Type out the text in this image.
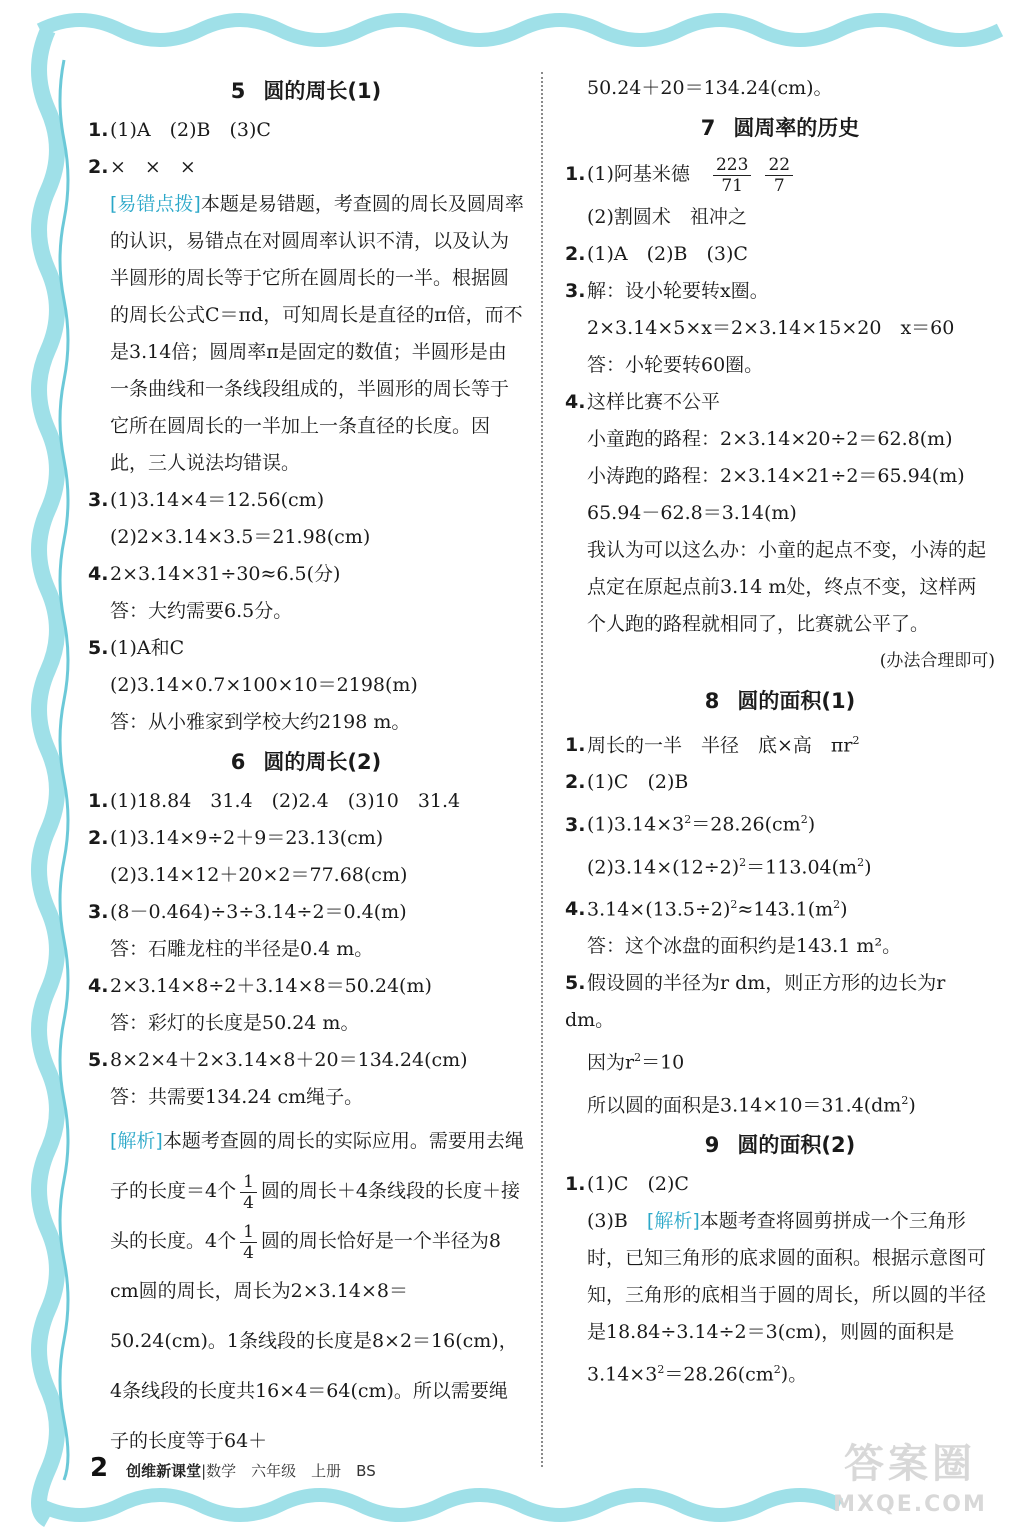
5 圆的周长(1)
1.(1)A　(2)B　(3)C
2.×　×　×
[易错点拨]本题是易错题，考查圆的周长及圆周率的认识，易错点在对圆周率认识不清，以及认为半圆形的周长等于它所在圆周长的一半。根据圆的周长公式C＝πd，可知周长是直径的π倍，而不是3.14倍；圆周率π是固定的数值；半圆形是由一条曲线和一条线段组成的，半圆形的周长等于它所在圆周长的一半加上一条直径的长度。因此，三人说法均错误。
3.(1)3.14×4＝12.56(cm)
(2)2×3.14×3.5＝21.98(cm)
4.2×3.14×31÷30≈6.5(分)
答：大约需要6.5分。
5.(1)A和C
(2)3.14×0.7×100×10＝2198(m)
答：从小雅家到学校大约2198 m。
6 圆的周长(2)
1.(1)18.84　31.4　(2)2.4　(3)10　31.4
2.(1)3.14×9÷2＋9＝23.13(cm)
(2)3.14×12＋20×2＝77.68(cm)
3.(8－0.464)÷3÷3.14÷2＝0.4(m)
答：石雕龙柱的半径是0.4 m。
4.2×3.14×8÷2＋3.14×8＝50.24(m)
答：彩灯的长度是50.24 m。
5.8×2×4＋2×3.14×8＋20＝134.24(cm)
答：共需要134.24 cm绳子。
[解析]本题考查圆的周长的实际应用。需要用去绳子的长度＝4个 $\frac{1}{4}$ 圆的周长＋4条线段的长度＋接头的长度。4个 $\frac{1}{4}$ 圆的周长恰好是一个半径为8 cm圆的周长，周长为2×3.14×8＝50.24(cm)。1条线段的长度是8×2＝16(cm)，4条线段的长度共16×4＝64(cm)。所以需要绳子的长度等于64＋
50.24＋20＝134.24(cm)。
7 圆周率的历史
1.(1)阿基米德　 $\frac{223}{71}$
$\frac{22}{7}$
(2)割圆术　祖冲之
2.(1)A　(2)B　(3)C
3.解：设小轮要转x圈。
2×3.14×5×x＝2×3.14×15×20　x＝60
答：小轮要转60圈。
4.这样比赛不公平
小童跑的路程：2×3.14×20÷2＝62.8(m)
小涛跑的路程：2×3.14×21÷2＝65.94(m)
65.94－62.8＝3.14(m)
我认为可以这么办：小童的起点不变，小涛的起点定在原起点前3.14 m处，终点不变，这样两个人跑的路程就相同了，比赛就公平了。
(办法合理即可)
8 圆的面积(1)
1.周长的一半　半径　底×高　$\pi r^2$
2.(1)C　(2)B
$3.(1)3.14\times 3^2=28.26(cm^2)$
$(2)3.14\times(12\div 2)^2=113.04(m^2)$
$4.3.14\times(13.5\div 2)^2\approx 143.1(m^2)$
答：这个冰盘的面积约是143.1 m²。
5.假设圆的半径为r dm，则正方形的边长为r dm。
因为$r^2=10$
所以圆的面积是$3.14\times 10=31.4(dm^2)$
9 圆的面积(2)
1.(1)C　(2)C
(3)B　 [解析]本题考查将圆剪拼成一个三角形时，已知三角形的底求圆的面积。根据示意图可知，三角形的底相当于圆的周长，所以圆的半径是18.84÷3.14÷2＝3(cm)，则圆的面积是$3.14\times 3^2=28.26(cm^2)$。
2 创维新课堂|数学　六年级　上册　BS	答案圈
MXQE.COM
